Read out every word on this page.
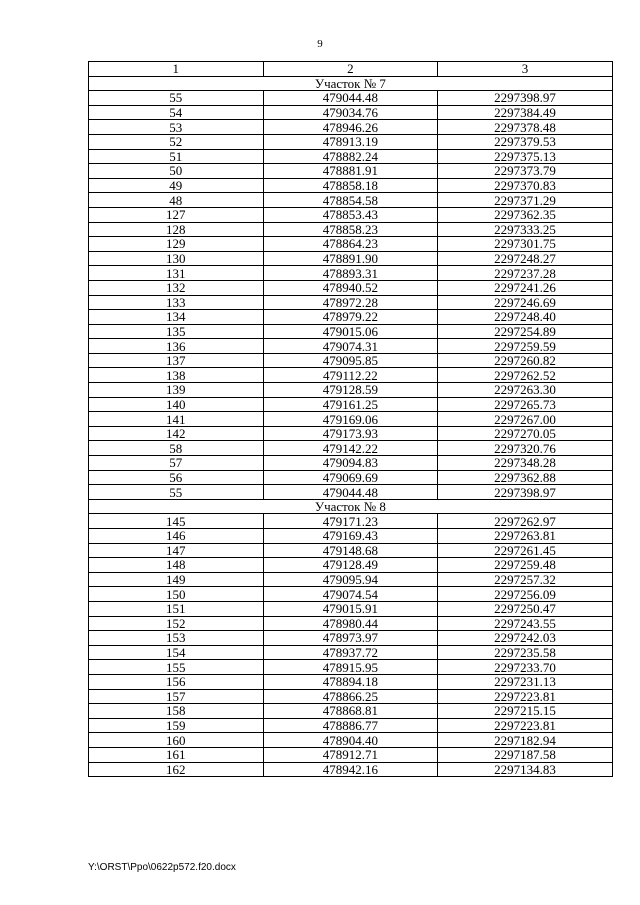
9
1	2	3
Участок № 7		
55	479044.48	2297398.97
54	479034.76	2297384.49
53	478946.26	2297378.48
52	478913.19	2297379.53
51	478882.24	2297375.13
50	478881.91	2297373.79
49	478858.18	2297370.83
48	478854.58	2297371.29
127	478853.43	2297362.35
128	478858.23	2297333.25
129	478864.23	2297301.75
130	478891.90	2297248.27
131	478893.31	2297237.28
132	478940.52	2297241.26
133	478972.28	2297246.69
134	478979.22	2297248.40
135	479015.06	2297254.89
136	479074.31	2297259.59
137	479095.85	2297260.82
138	479112.22	2297262.52
139	479128.59	2297263.30
140	479161.25	2297265.73
141	479169.06	2297267.00
142	479173.93	2297270.05
58	479142.22	2297320.76
57	479094.83	2297348.28
56	479069.69	2297362.88
55	479044.48	2297398.97
Участок № 8		
145	479171.23	2297262.97
146	479169.43	2297263.81
147	479148.68	2297261.45
148	479128.49	2297259.48
149	479095.94	2297257.32
150	479074.54	2297256.09
151	479015.91	2297250.47
152	478980.44	2297243.55
153	478973.97	2297242.03
154	478937.72	2297235.58
155	478915.95	2297233.70
156	478894.18	2297231.13
157	478866.25	2297223.81
158	478868.81	2297215.15
159	478886.77	2297223.81
160	478904.40	2297182.94
161	478912.71	2297187.58
162	478942.16	2297134.83
Y:\ORST\Ppo\0622p572.f20.docx
